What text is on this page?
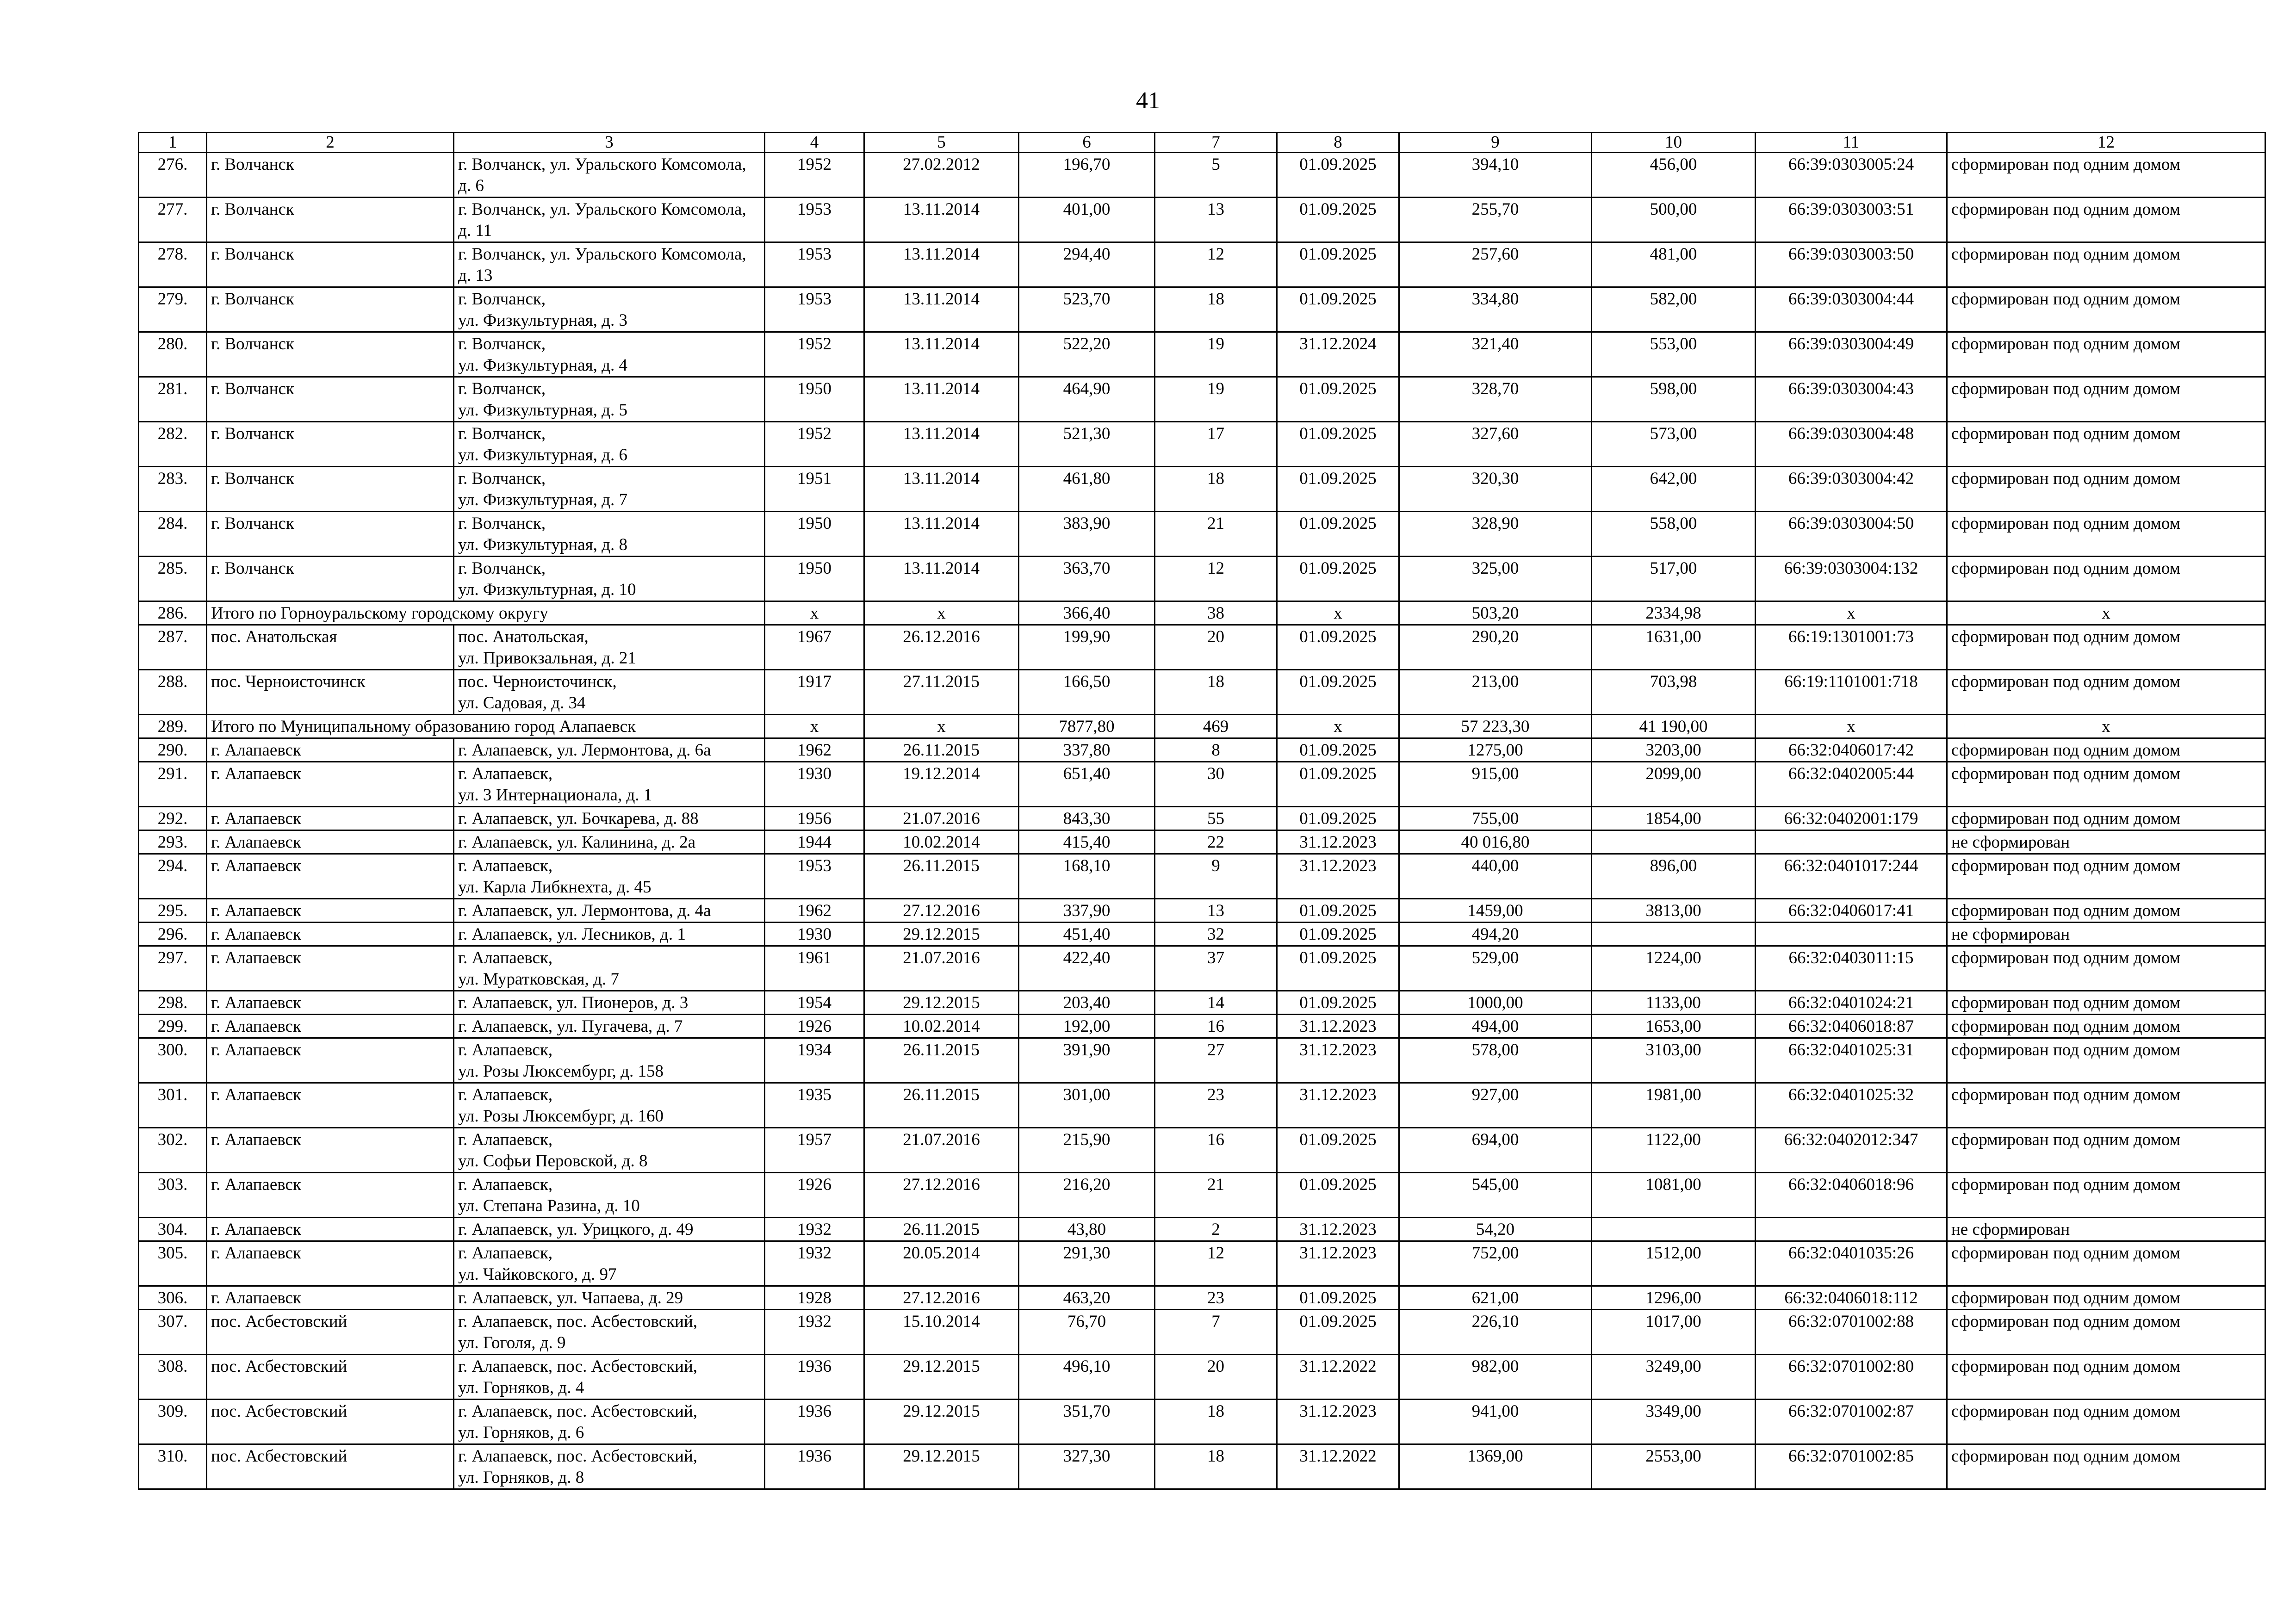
41
1	2	3	4	5	6	7	8	9	10	11	12
276.	г. Волчанск	г. Волчанск, ул. Уральского Комсомола, д. 6	1952	27.02.2012	196,70	5	01.09.2025	394,10	456,00	66:39:0303005:24	сформирован под одним домом
277.	г. Волчанск	г. Волчанск, ул. Уральского Комсомола, д. 11	1953	13.11.2014	401,00	13	01.09.2025	255,70	500,00	66:39:0303003:51	сформирован под одним домом
278.	г. Волчанск	г. Волчанск, ул. Уральского Комсомола, д. 13	1953	13.11.2014	294,40	12	01.09.2025	257,60	481,00	66:39:0303003:50	сформирован под одним домом
279.	г. Волчанск	г. Волчанск,
ул. Физкультурная, д. 3	1953	13.11.2014	523,70	18	01.09.2025	334,80	582,00	66:39:0303004:44	сформирован под одним домом
280.	г. Волчанск	г. Волчанск,
ул. Физкультурная, д. 4	1952	13.11.2014	522,20	19	31.12.2024	321,40	553,00	66:39:0303004:49	сформирован под одним домом
281.	г. Волчанск	г. Волчанск,
ул. Физкультурная, д. 5	1950	13.11.2014	464,90	19	01.09.2025	328,70	598,00	66:39:0303004:43	сформирован под одним домом
282.	г. Волчанск	г. Волчанск,
ул. Физкультурная, д. 6	1952	13.11.2014	521,30	17	01.09.2025	327,60	573,00	66:39:0303004:48	сформирован под одним домом
283.	г. Волчанск	г. Волчанск,
ул. Физкультурная, д. 7	1951	13.11.2014	461,80	18	01.09.2025	320,30	642,00	66:39:0303004:42	сформирован под одним домом
284.	г. Волчанск	г. Волчанск,
ул. Физкультурная, д. 8	1950	13.11.2014	383,90	21	01.09.2025	328,90	558,00	66:39:0303004:50	сформирован под одним домом
285.	г. Волчанск	г. Волчанск,
ул. Физкультурная, д. 10	1950	13.11.2014	363,70	12	01.09.2025	325,00	517,00	66:39:0303004:132	сформирован под одним домом
286.	Итого по Горноуральскому городскому округу		x	x	366,40	38	x	503,20	2334,98	x	x
287.	пос. Анатольская	пос. Анатольская,
ул. Привокзальная, д. 21	1967	26.12.2016	199,90	20	01.09.2025	290,20	1631,00	66:19:1301001:73	сформирован под одним домом
288.	пос. Черноисточинск	пос. Черноисточинск,
ул. Садовая, д. 34	1917	27.11.2015	166,50	18	01.09.2025	213,00	703,98	66:19:1101001:718	сформирован под одним домом
289.	Итого по Муниципальному образованию город Алапаевск		x	x	7877,80	469	x	57 223,30	41 190,00	x	x
290.	г. Алапаевск	г. Алапаевск, ул. Лермонтова, д. 6а	1962	26.11.2015	337,80	8	01.09.2025	1275,00	3203,00	66:32:0406017:42	сформирован под одним домом
291.	г. Алапаевск	г. Алапаевск,
ул. 3 Интернационала, д. 1	1930	19.12.2014	651,40	30	01.09.2025	915,00	2099,00	66:32:0402005:44	сформирован под одним домом
292.	г. Алапаевск	г. Алапаевск, ул. Бочкарева, д. 88	1956	21.07.2016	843,30	55	01.09.2025	755,00	1854,00	66:32:0402001:179	сформирован под одним домом
293.	г. Алапаевск	г. Алапаевск, ул. Калинина, д. 2а	1944	10.02.2014	415,40	22	31.12.2023	40 016,80			не сформирован
294.	г. Алапаевск	г. Алапаевск,
ул. Карла Либкнехта, д. 45	1953	26.11.2015	168,10	9	31.12.2023	440,00	896,00	66:32:0401017:244	сформирован под одним домом
295.	г. Алапаевск	г. Алапаевск, ул. Лермонтова, д. 4а	1962	27.12.2016	337,90	13	01.09.2025	1459,00	3813,00	66:32:0406017:41	сформирован под одним домом
296.	г. Алапаевск	г. Алапаевск, ул. Лесников, д. 1	1930	29.12.2015	451,40	32	01.09.2025	494,20			не сформирован
297.	г. Алапаевск	г. Алапаевск,
ул. Муратковская, д. 7	1961	21.07.2016	422,40	37	01.09.2025	529,00	1224,00	66:32:0403011:15	сформирован под одним домом
298.	г. Алапаевск	г. Алапаевск, ул. Пионеров, д. 3	1954	29.12.2015	203,40	14	01.09.2025	1000,00	1133,00	66:32:0401024:21	сформирован под одним домом
299.	г. Алапаевск	г. Алапаевск, ул. Пугачева, д. 7	1926	10.02.2014	192,00	16	31.12.2023	494,00	1653,00	66:32:0406018:87	сформирован под одним домом
300.	г. Алапаевск	г. Алапаевск,
ул. Розы Люксембург, д. 158	1934	26.11.2015	391,90	27	31.12.2023	578,00	3103,00	66:32:0401025:31	сформирован под одним домом
301.	г. Алапаевск	г. Алапаевск,
ул. Розы Люксембург, д. 160	1935	26.11.2015	301,00	23	31.12.2023	927,00	1981,00	66:32:0401025:32	сформирован под одним домом
302.	г. Алапаевск	г. Алапаевск,
ул. Софьи Перовской, д. 8	1957	21.07.2016	215,90	16	01.09.2025	694,00	1122,00	66:32:0402012:347	сформирован под одним домом
303.	г. Алапаевск	г. Алапаевск,
ул. Степана Разина, д. 10	1926	27.12.2016	216,20	21	01.09.2025	545,00	1081,00	66:32:0406018:96	сформирован под одним домом
304.	г. Алапаевск	г. Алапаевск, ул. Урицкого, д. 49	1932	26.11.2015	43,80	2	31.12.2023	54,20			не сформирован
305.	г. Алапаевск	г. Алапаевск,
ул. Чайковского, д. 97	1932	20.05.2014	291,30	12	31.12.2023	752,00	1512,00	66:32:0401035:26	сформирован под одним домом
306.	г. Алапаевск	г. Алапаевск, ул. Чапаева, д. 29	1928	27.12.2016	463,20	23	01.09.2025	621,00	1296,00	66:32:0406018:112	сформирован под одним домом
307.	пос. Асбестовский	г. Алапаевск, пос. Асбестовский,
ул. Гоголя, д. 9	1932	15.10.2014	76,70	7	01.09.2025	226,10	1017,00	66:32:0701002:88	сформирован под одним домом
308.	пос. Асбестовский	г. Алапаевск, пос. Асбестовский,
ул. Горняков, д. 4	1936	29.12.2015	496,10	20	31.12.2022	982,00	3249,00	66:32:0701002:80	сформирован под одним домом
309.	пос. Асбестовский	г. Алапаевск, пос. Асбестовский,
ул. Горняков, д. 6	1936	29.12.2015	351,70	18	31.12.2023	941,00	3349,00	66:32:0701002:87	сформирован под одним домом
310.	пос. Асбестовский	г. Алапаевск, пос. Асбестовский,
ул. Горняков, д. 8	1936	29.12.2015	327,30	18	31.12.2022	1369,00	2553,00	66:32:0701002:85	сформирован под одним домом
